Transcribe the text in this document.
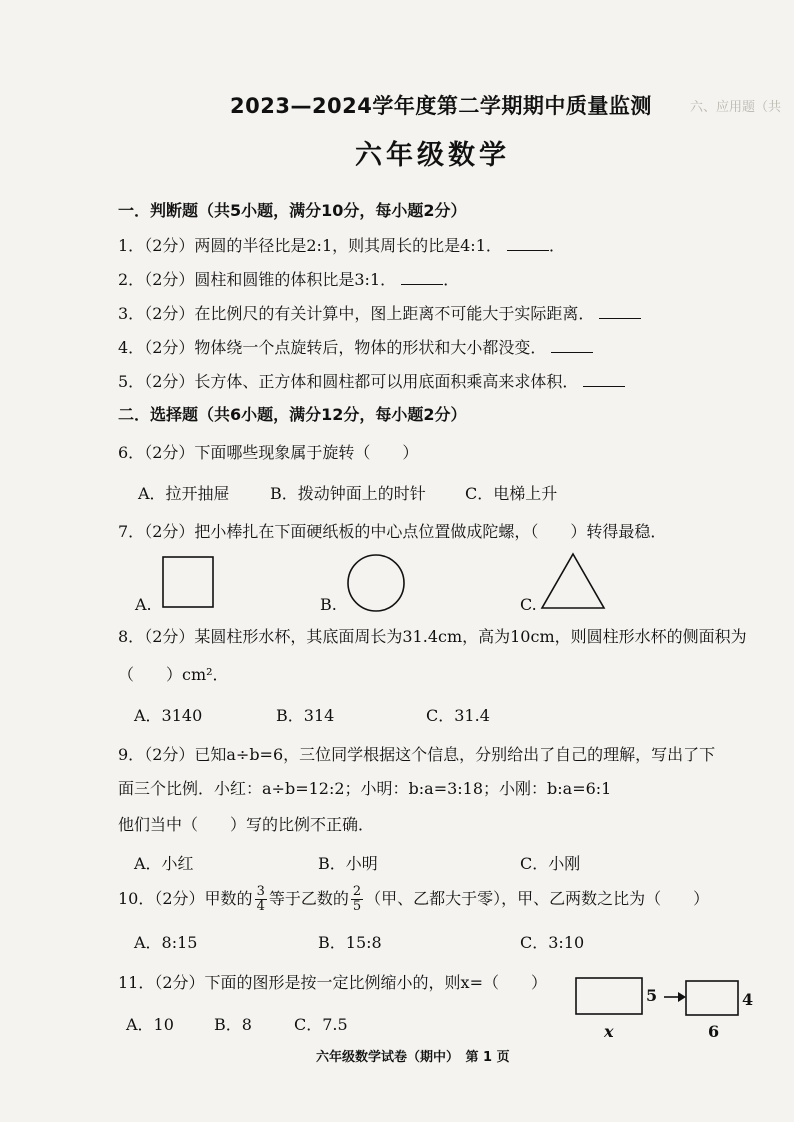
六、应用题（共
2023—2024学年度第二学期期中质量监测
六年级数学
一．判断题（共5小题，满分10分，每小题2分）
1．（2分）两圆的半径比是2:1，则其周长的比是4:1．	．
2．（2分）圆柱和圆锥的体积比是3:1．	．
3．（2分）在比例尺的有关计算中，图上距离不可能大于实际距离．
4．（2分）物体绕一个点旋转后，物体的形状和大小都没变．
5．（2分）长方体、正方体和圆柱都可以用底面积乘高来求体积．
二．选择题（共6小题，满分12分，每小题2分）
6．（2分）下面哪些现象属于旋转（　　）
A．拉开抽屉	B．拨动钟面上的时针 C．电梯上升
7．（2分）把小棒扎在下面硬纸板的中心点位置做成陀螺，（　　）转得最稳．
A.	B.	C.
8．（2分）某圆柱形水杯，其底面周长为31.4cm，高为10cm，则圆柱形水杯的侧面积为
（　　）cm²．
A．3140	B．314	C．31.4
9．（2分）已知a÷b=6，三位同学根据这个信息，分别给出了自己的理解，写出了下
面三个比例．小红：a÷b=12:2；小明：b:a=3:18；小刚：b:a=6:1
他们当中（　　）写的比例不正确．
A．小红	B．小明	C．小刚
10．（2分）甲数的 $\frac{3}{4}$ 等于乙数的 $\frac{2}{5}$ （甲、乙都大于零），甲、乙两数之比为（　　）
A．8:15	B．15:8	C．3:10
11．（2分）下面的图形是按一定比例缩小的，则x=（　　）
A．10	B．8	C．7.5
5
x
4
6
六年级数学试卷（期中）　第 1 页
